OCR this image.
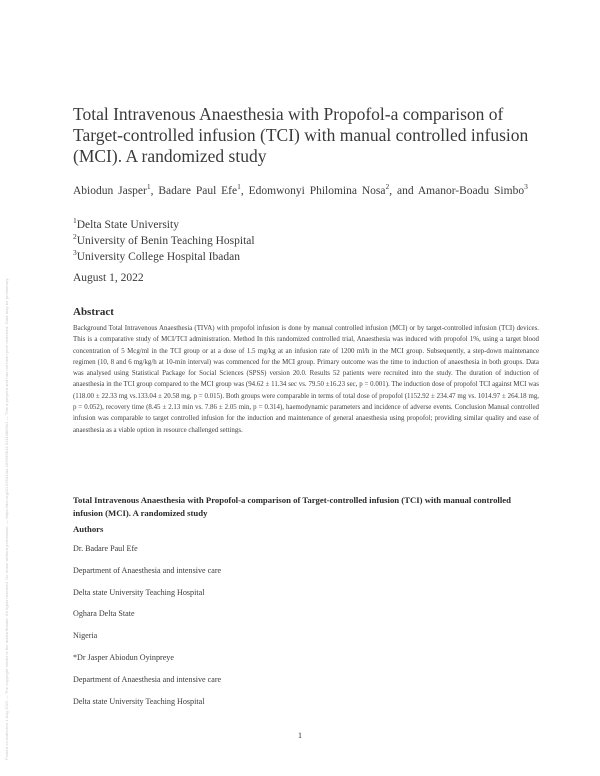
Posted on Authorea 1 Aug 2022 — The copyright holder is the author/funder. All rights reserved. No reuse without permission. — https://doi.org/10.22541/au.165935813.31114883/v1 — This a preprint and has not been peer reviewed. Data may be preliminary.
Total Intravenous Anaesthesia with Propofol-a comparison of Target-controlled infusion (TCI) with manual controlled infusion (MCI). A randomized study
Abiodun Jasper$^1$, Badare Paul Efe$^1$, Edomwonyi Philomina Nosa$^2$, and Amanor-Boadu Simbo$^3$
$^1$Delta State University
$^2$University of Benin Teaching Hospital
$^3$University College Hospital Ibadan
August 1, 2022
Abstract
Background Total Intravenous Anaesthesia (TIVA) with propofol infusion is done by manual controlled infusion (MCI) or by target-controlled infusion (TCI) devices. This is a comparative study of MCI/TCI administration. Method In this randomized controlled trial, Anaesthesia was induced with propofol 1%, using a target blood concentration of 5 Mcg/ml in the TCI group or at a dose of 1.5 mg/kg at an infusion rate of 1200 ml/h in the MCI group. Subsequently, a step-down maintenance regimen (10, 8 and 6 mg/kg/h at 10-min interval) was commenced for the MCI group. Primary outcome was the time to induction of anaesthesia in both groups. Data was analysed using Statistical Package for Social Sciences (SPSS) version 20.0. Results 52 patients were recruited into the study. The duration of induction of anaesthesia in the TCI group compared to the MCI group was (94.62 ± 11.34 sec vs. 79.50 ±16.23 sec, p = 0.001). The induction dose of propofol TCI against MCI was (118.00 ± 22.33 mg vs.133.04 ± 20.58 mg, p = 0.015). Both groups were comparable in terms of total dose of propofol (1152.92 ± 234.47 mg vs. 1014.97 ± 264.18 mg, p = 0.052), recovery time (8.45 ± 2.13 min vs. 7.86 ± 2.05 min, p = 0.314), haemodynamic parameters and incidence of adverse events. Conclusion Manual controlled infusion was comparable to target controlled infusion for the induction and maintenance of general anaesthesia using propofol; providing similar quality and ease of anaesthesia as a viable option in resource challenged settings.
Total Intravenous Anaesthesia with Propofol-a comparison of Target-controlled infusion (TCI) with manual controlled infusion (MCI). A randomized study
Authors
Dr. Badare Paul Efe
Department of Anaesthesia and intensive care
Delta state University Teaching Hospital
Oghara Delta State
Nigeria
*Dr Jasper Abiodun Oyinpreye
Department of Anaesthesia and intensive care
Delta state University Teaching Hospital
1
